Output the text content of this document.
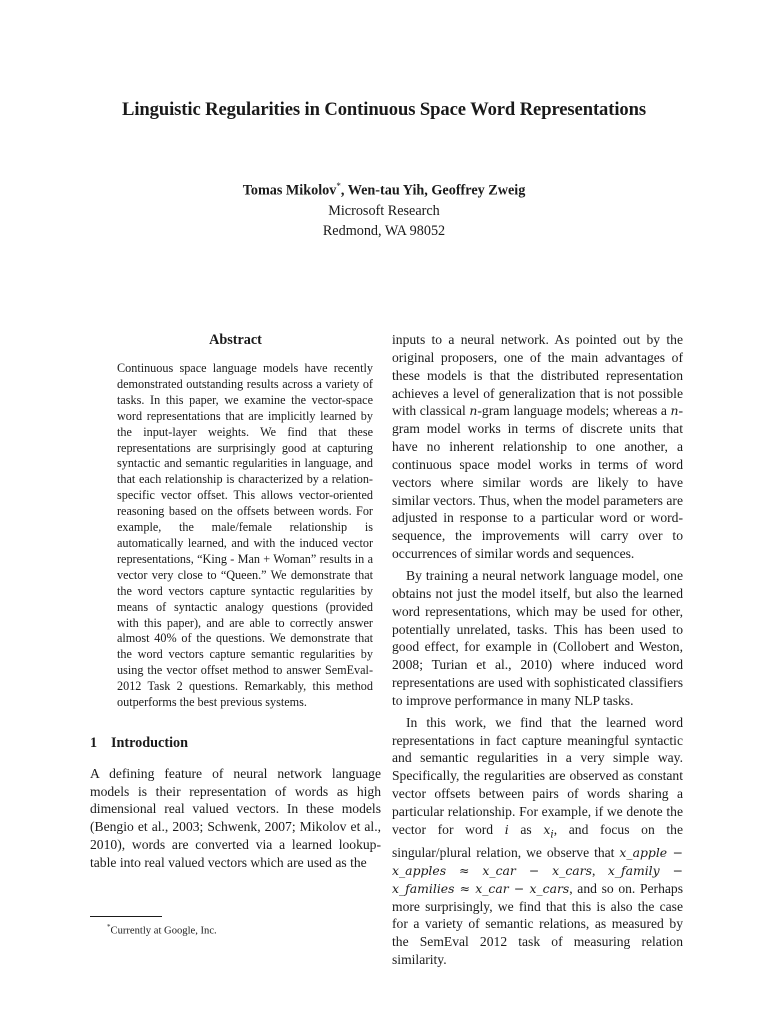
Linguistic Regularities in Continuous Space Word Representations
Tomas Mikolov*, Wen-tau Yih, Geoffrey Zweig
Microsoft Research
Redmond, WA 98052
Abstract

Continuous space language models have recently demonstrated outstanding results across a variety of tasks. In this paper, we examine the vector-space word representations that are implicitly learned by the input-layer weights. We find that these representations are surprisingly good at capturing syntactic and semantic regularities in language, and that each relationship is characterized by a relation-specific vector offset. This allows vector-oriented reasoning based on the offsets between words. For example, the male/female relationship is automatically learned, and with the induced vector representations, “King - Man + Woman” results in a vector very close to “Queen.” We demonstrate that the word vectors capture syntactic regularities by means of syntactic analogy questions (provided with this paper), and are able to correctly answer almost 40% of the questions. We demonstrate that the word vectors capture semantic regularities by using the vector offset method to answer SemEval-2012 Task 2 questions. Remarkably, this method outperforms the best previous systems.

1 Introduction

A defining feature of neural network language models is their representation of words as high dimensional real valued vectors. In these models (Bengio et al., 2003; Schwenk, 2007; Mikolov et al., 2010), words are converted via a learned lookup-table into real valued vectors which are used as the

inputs to a neural network. As pointed out by the original proposers, one of the main advantages of these models is that the distributed representation achieves a level of generalization that is not possible with classical n-gram language models; whereas a n-gram model works in terms of discrete units that have no inherent relationship to one another, a continuous space model works in terms of word vectors where similar words are likely to have similar vectors. Thus, when the model parameters are adjusted in response to a particular word or word-sequence, the improvements will carry over to occurrences of similar words and sequences.

By training a neural network language model, one obtains not just the model itself, but also the learned word representations, which may be used for other, potentially unrelated, tasks. This has been used to good effect, for example in (Collobert and Weston, 2008; Turian et al., 2010) where induced word representations are used with sophisticated classifiers to improve performance in many NLP tasks.

In this work, we find that the learned word representations in fact capture meaningful syntactic and semantic regularities in a very simple way. Specifically, the regularities are observed as constant vector offsets between pairs of words sharing a particular relationship. For example, if we denote the vector for word i as $x_i$, and focus on the singular/plural relation, we observe that x_apple − x_apples ≈ x_car − x_cars, x_family − x_families ≈ x_car − x_cars, and so on. Perhaps more surprisingly, we find that this is also the case for a variety of semantic relations, as measured by the SemEval 2012 task of measuring relation similarity.

*Currently at Google, Inc.
